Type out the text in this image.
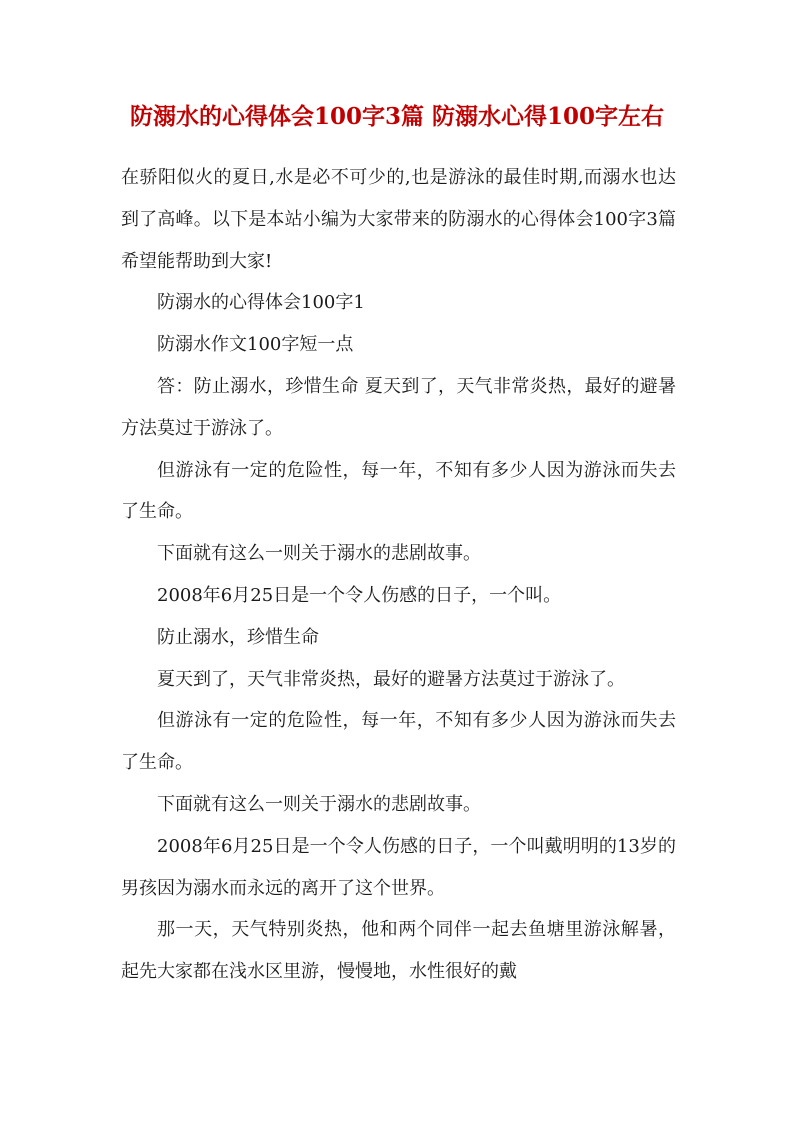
防溺水的心得体会100字3篇 防溺水心得100字左右

在骄阳似火的夏日,水是必不可少的,也是游泳的最佳时期,而溺水也达到了高峰。以下是本站小编为大家带来的防溺水的心得体会100字3篇希望能帮助到大家!

防溺水的心得体会100字1

防溺水作文100字短一点

答：防止溺水，珍惜生命 夏天到了，天气非常炎热，最好的避暑方法莫过于游泳了。

但游泳有一定的危险性，每一年，不知有多少人因为游泳而失去了生命。

下面就有这么一则关于溺水的悲剧故事。

2008年6月25日是一个令人伤感的日子，一个叫。

防止溺水，珍惜生命

夏天到了，天气非常炎热，最好的避暑方法莫过于游泳了。

但游泳有一定的危险性，每一年，不知有多少人因为游泳而失去了生命。

下面就有这么一则关于溺水的悲剧故事。

2008年6月25日是一个令人伤感的日子，一个叫戴明明的13岁的男孩因为溺水而永远的离开了这个世界。

那一天，天气特别炎热，他和两个同伴一起去鱼塘里游泳解暑，起先大家都在浅水区里游，慢慢地，水性很好的戴
